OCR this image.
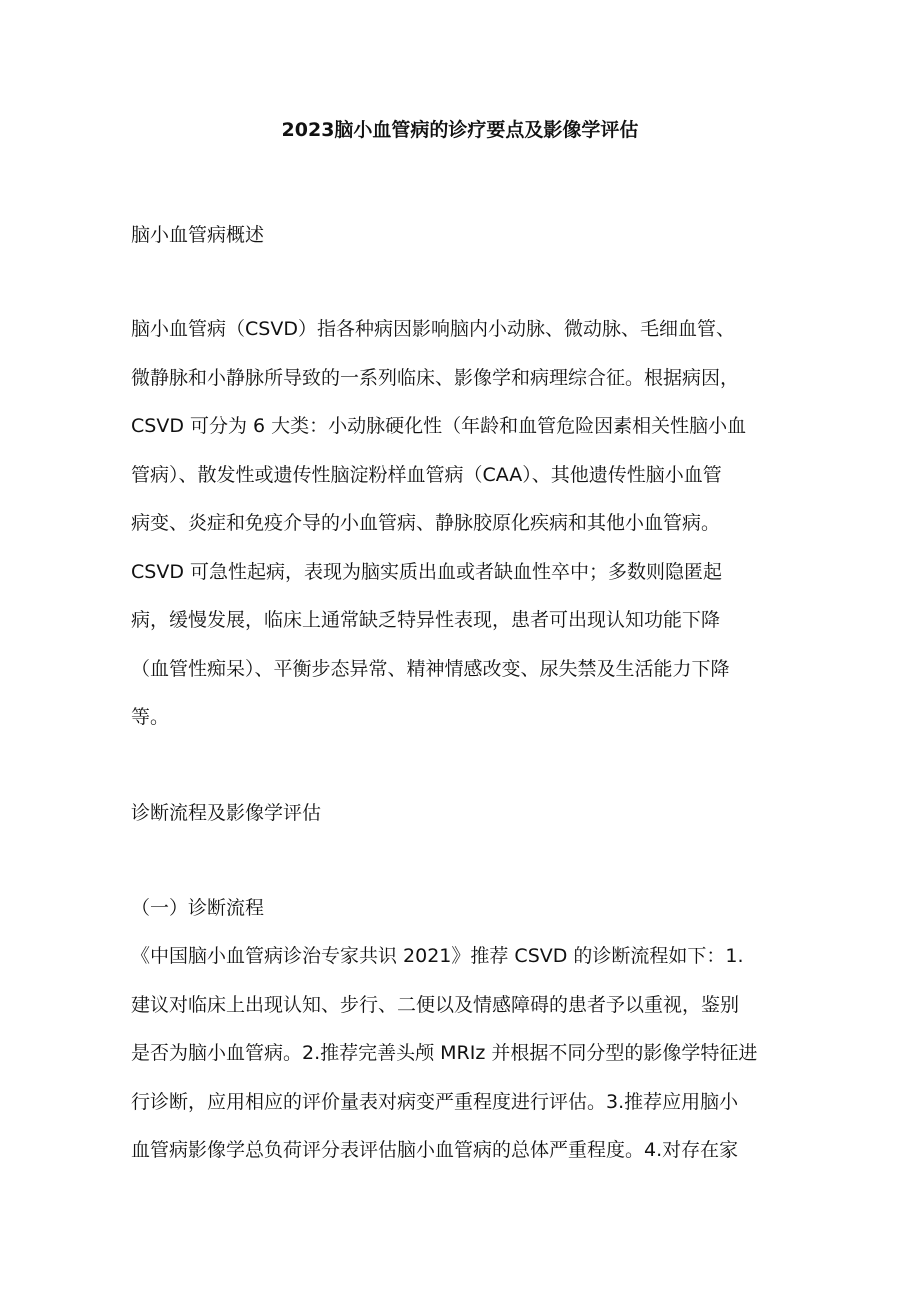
2023脑小血管病的诊疗要点及影像学评估
脑小血管病概述
脑小血管病（CSVD）指各种病因影响脑内小动脉、微动脉、毛细血管、
微静脉和小静脉所导致的一系列临床、影像学和病理综合征。根据病因，
CSVD 可分为 6 大类：小动脉硬化性（年龄和血管危险因素相关性脑小血
管病）、散发性或遗传性脑淀粉样血管病（CAA）、其他遗传性脑小血管
病变、炎症和免疫介导的小血管病、静脉胶原化疾病和其他小血管病。
CSVD 可急性起病，表现为脑实质出血或者缺血性卒中；多数则隐匿起
病，缓慢发展，临床上通常缺乏特异性表现，患者可出现认知功能下降
（血管性痴呆）、平衡步态异常、精神情感改变、尿失禁及生活能力下降
等。
诊断流程及影像学评估
（一）诊断流程
《中国脑小血管病诊治专家共识 2021》推荐 CSVD 的诊断流程如下：1.
建议对临床上出现认知、步行、二便以及情感障碍的患者予以重视，鉴别
是否为脑小血管病。2.推荐完善头颅 MRIz 并根据不同分型的影像学特征进
行诊断，应用相应的评价量表对病变严重程度进行评估。3.推荐应用脑小
血管病影像学总负荷评分表评估脑小血管病的总体严重程度。4.对存在家
